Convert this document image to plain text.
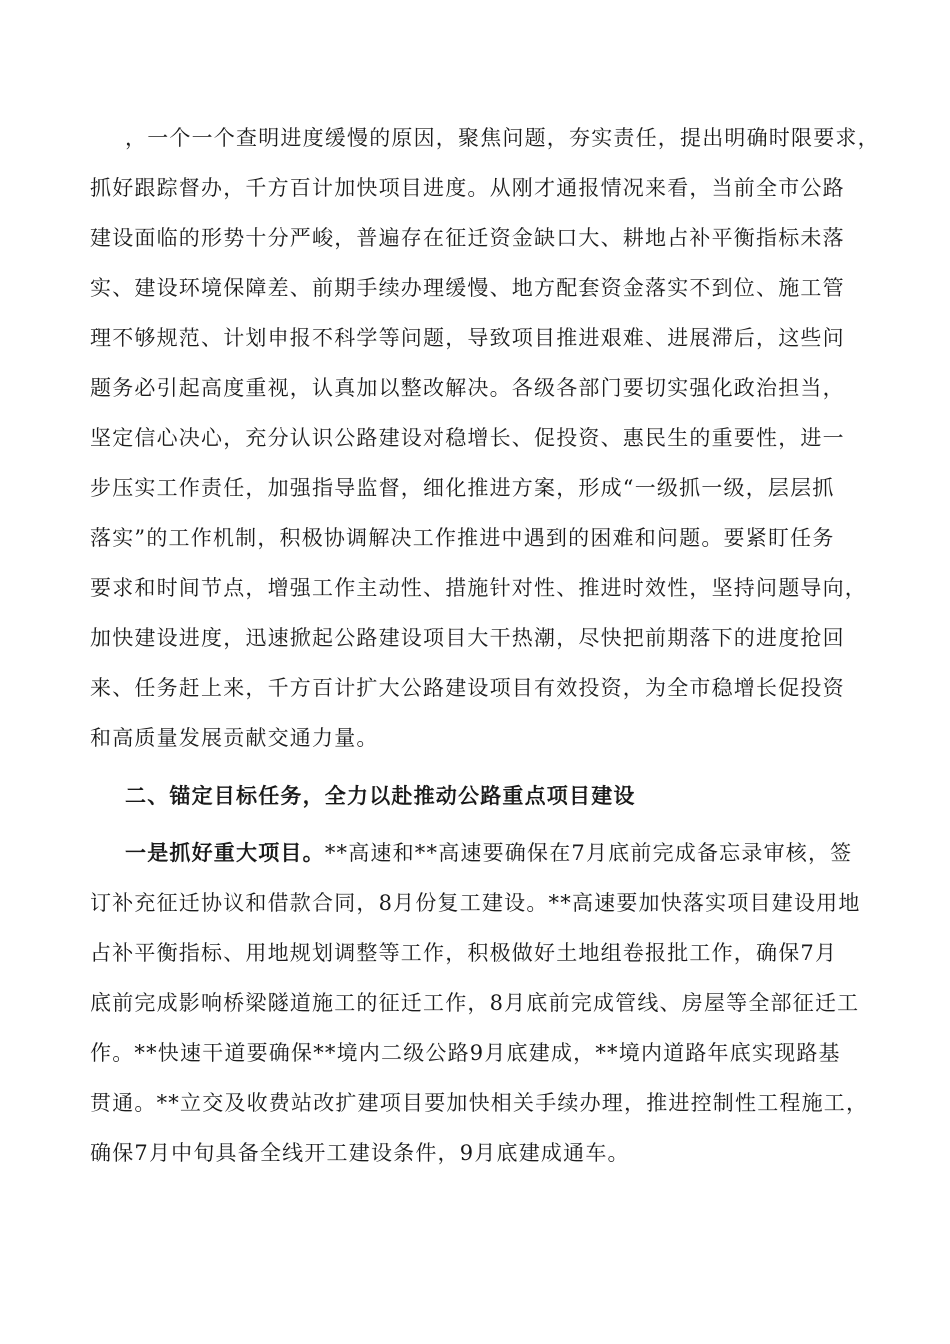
，一个一个查明进度缓慢的原因，聚焦问题，夯实责任，提出明确时限要求，
抓好跟踪督办，千方百计加快项目进度。从刚才通报情况来看，当前全市公路
建设面临的形势十分严峻，普遍存在征迁资金缺口大、耕地占补平衡指标未落
实、建设环境保障差、前期手续办理缓慢、地方配套资金落实不到位、施工管
理不够规范、计划申报不科学等问题，导致项目推进艰难、进展滞后，这些问
题务必引起高度重视，认真加以整改解决。各级各部门要切实强化政治担当，
坚定信心决心，充分认识公路建设对稳增长、促投资、惠民生的重要性，进一
步压实工作责任，加强指导监督，细化推进方案，形成“一级抓一级，层层抓
落实”的工作机制，积极协调解决工作推进中遇到的困难和问题。要紧盯任务
要求和时间节点，增强工作主动性、措施针对性、推进时效性，坚持问题导向，
加快建设进度，迅速掀起公路建设项目大干热潮，尽快把前期落下的进度抢回
来、任务赶上来，千方百计扩大公路建设项目有效投资，为全市稳增长促投资
和高质量发展贡献交通力量。
二、锚定目标任务，全力以赴推动公路重点项目建设
一是抓好重大项目。**高速和**高速要确保在7月底前完成备忘录审核，签
订补充征迁协议和借款合同，8月份复工建设。**高速要加快落实项目建设用地
占补平衡指标、用地规划调整等工作，积极做好土地组卷报批工作，确保7月
底前完成影响桥梁隧道施工的征迁工作，8月底前完成管线、房屋等全部征迁工
作。**快速干道要确保**境内二级公路9月底建成，**境内道路年底实现路基
贯通。**立交及收费站改扩建项目要加快相关手续办理，推进控制性工程施工，
确保7月中旬具备全线开工建设条件，9月底建成通车。
